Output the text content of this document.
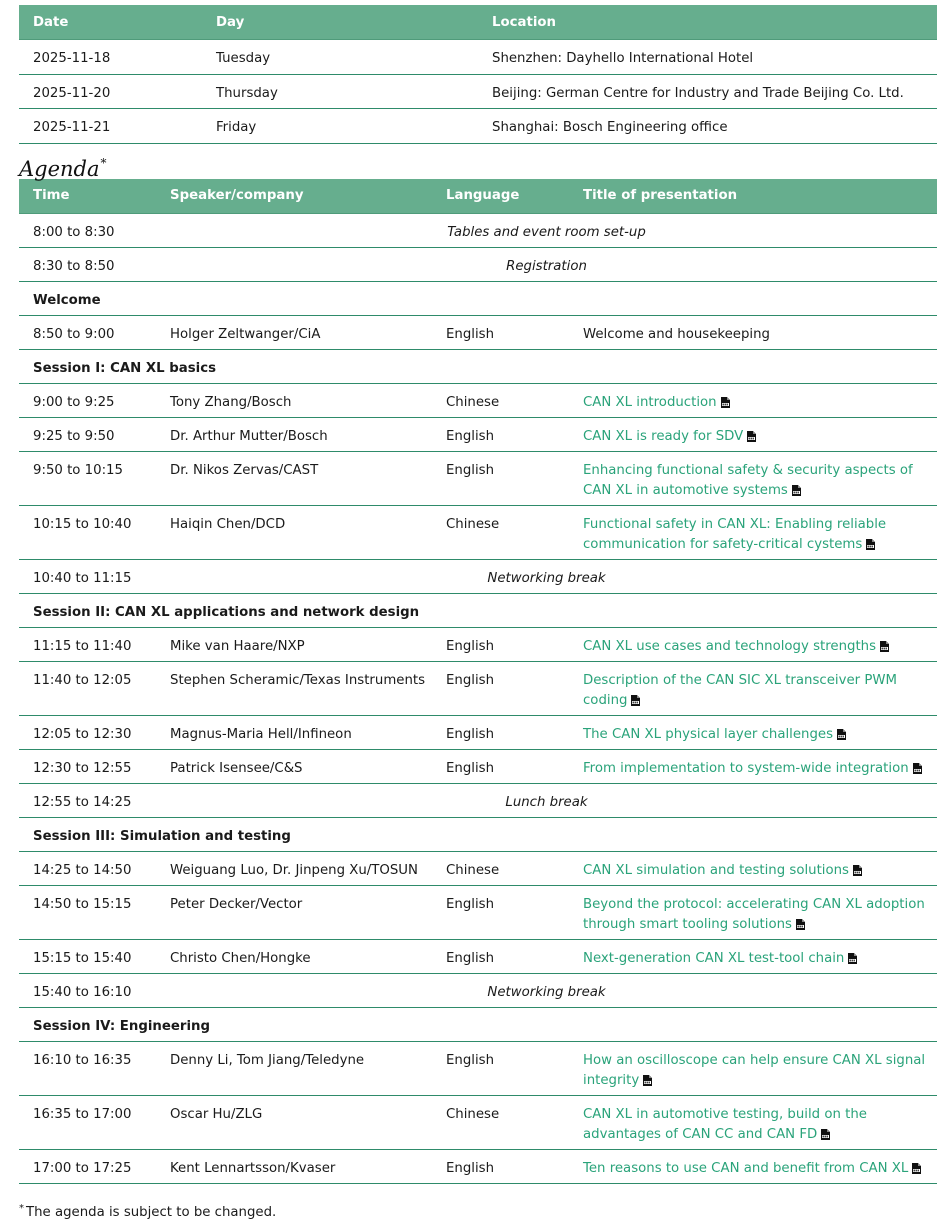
Date	Day	Location
2025-11-18	Tuesday	Shenzhen: Dayhello International Hotel
2025-11-20	Thursday	Beijing: German Centre for Industry and Trade Beijing Co. Ltd.
2025-11-21	Friday	Shanghai: Bosch Engineering office
Agenda*
Time	Speaker/company	Language	Title of presentation
8:00 to 8:30	Tables and event room set-up		
8:30 to 8:50	Registration		
Welcome			
8:50 to 9:00	Holger Zeltwanger/CiA	English	Welcome and housekeeping
Session I: CAN XL basics			
9:00 to 9:25	Tony Zhang/Bosch	Chinese	CAN XL introduction

9:25 to 9:50	Dr. Arthur Mutter/Bosch	English	CAN XL is ready for SDV

9:50 to 10:15	Dr. Nikos Zervas/CAST	English	Enhancing functional safety & security aspects of CAN XL in automotive systems

10:15 to 10:40	Haiqin Chen/DCD	Chinese	Functional safety in CAN XL: Enabling reliable communication for safety-critical cystems

10:40 to 11:15	Networking break		
Session II: CAN XL applications and network design			
11:15 to 11:40	Mike van Haare/NXP	English	CAN XL use cases and technology strengths

11:40 to 12:05	Stephen Scheramic/Texas Instruments	English	Description of the CAN SIC XL transceiver PWM coding

12:05 to 12:30	Magnus-Maria Hell/Infineon	English	The CAN XL physical layer challenges

12:30 to 12:55	Patrick Isensee/C&S	English	From implementation to system-wide integration

12:55 to 14:25	Lunch break		
Session III: Simulation and testing			
14:25 to 14:50	Weiguang Luo, Dr. Jinpeng Xu/TOSUN	Chinese	CAN XL simulation and testing solutions

14:50 to 15:15	Peter Decker/Vector	English	Beyond the protocol: accelerating CAN XL adoption through smart tooling solutions

15:15 to 15:40	Christo Chen/Hongke	English	Next-generation CAN XL test-tool chain

15:40 to 16:10	Networking break		
Session IV: Engineering			
16:10 to 16:35	Denny Li, Tom Jiang/Teledyne	English	How an oscilloscope can help ensure CAN XL signal integrity

16:35 to 17:00	Oscar Hu/ZLG	Chinese	CAN XL in automotive testing, build on the advantages of CAN CC and CAN FD

17:00 to 17:25	Kent Lennartsson/Kvaser	English	Ten reasons to use CAN and benefit from CAN XL
* The agenda is subject to be changed.
